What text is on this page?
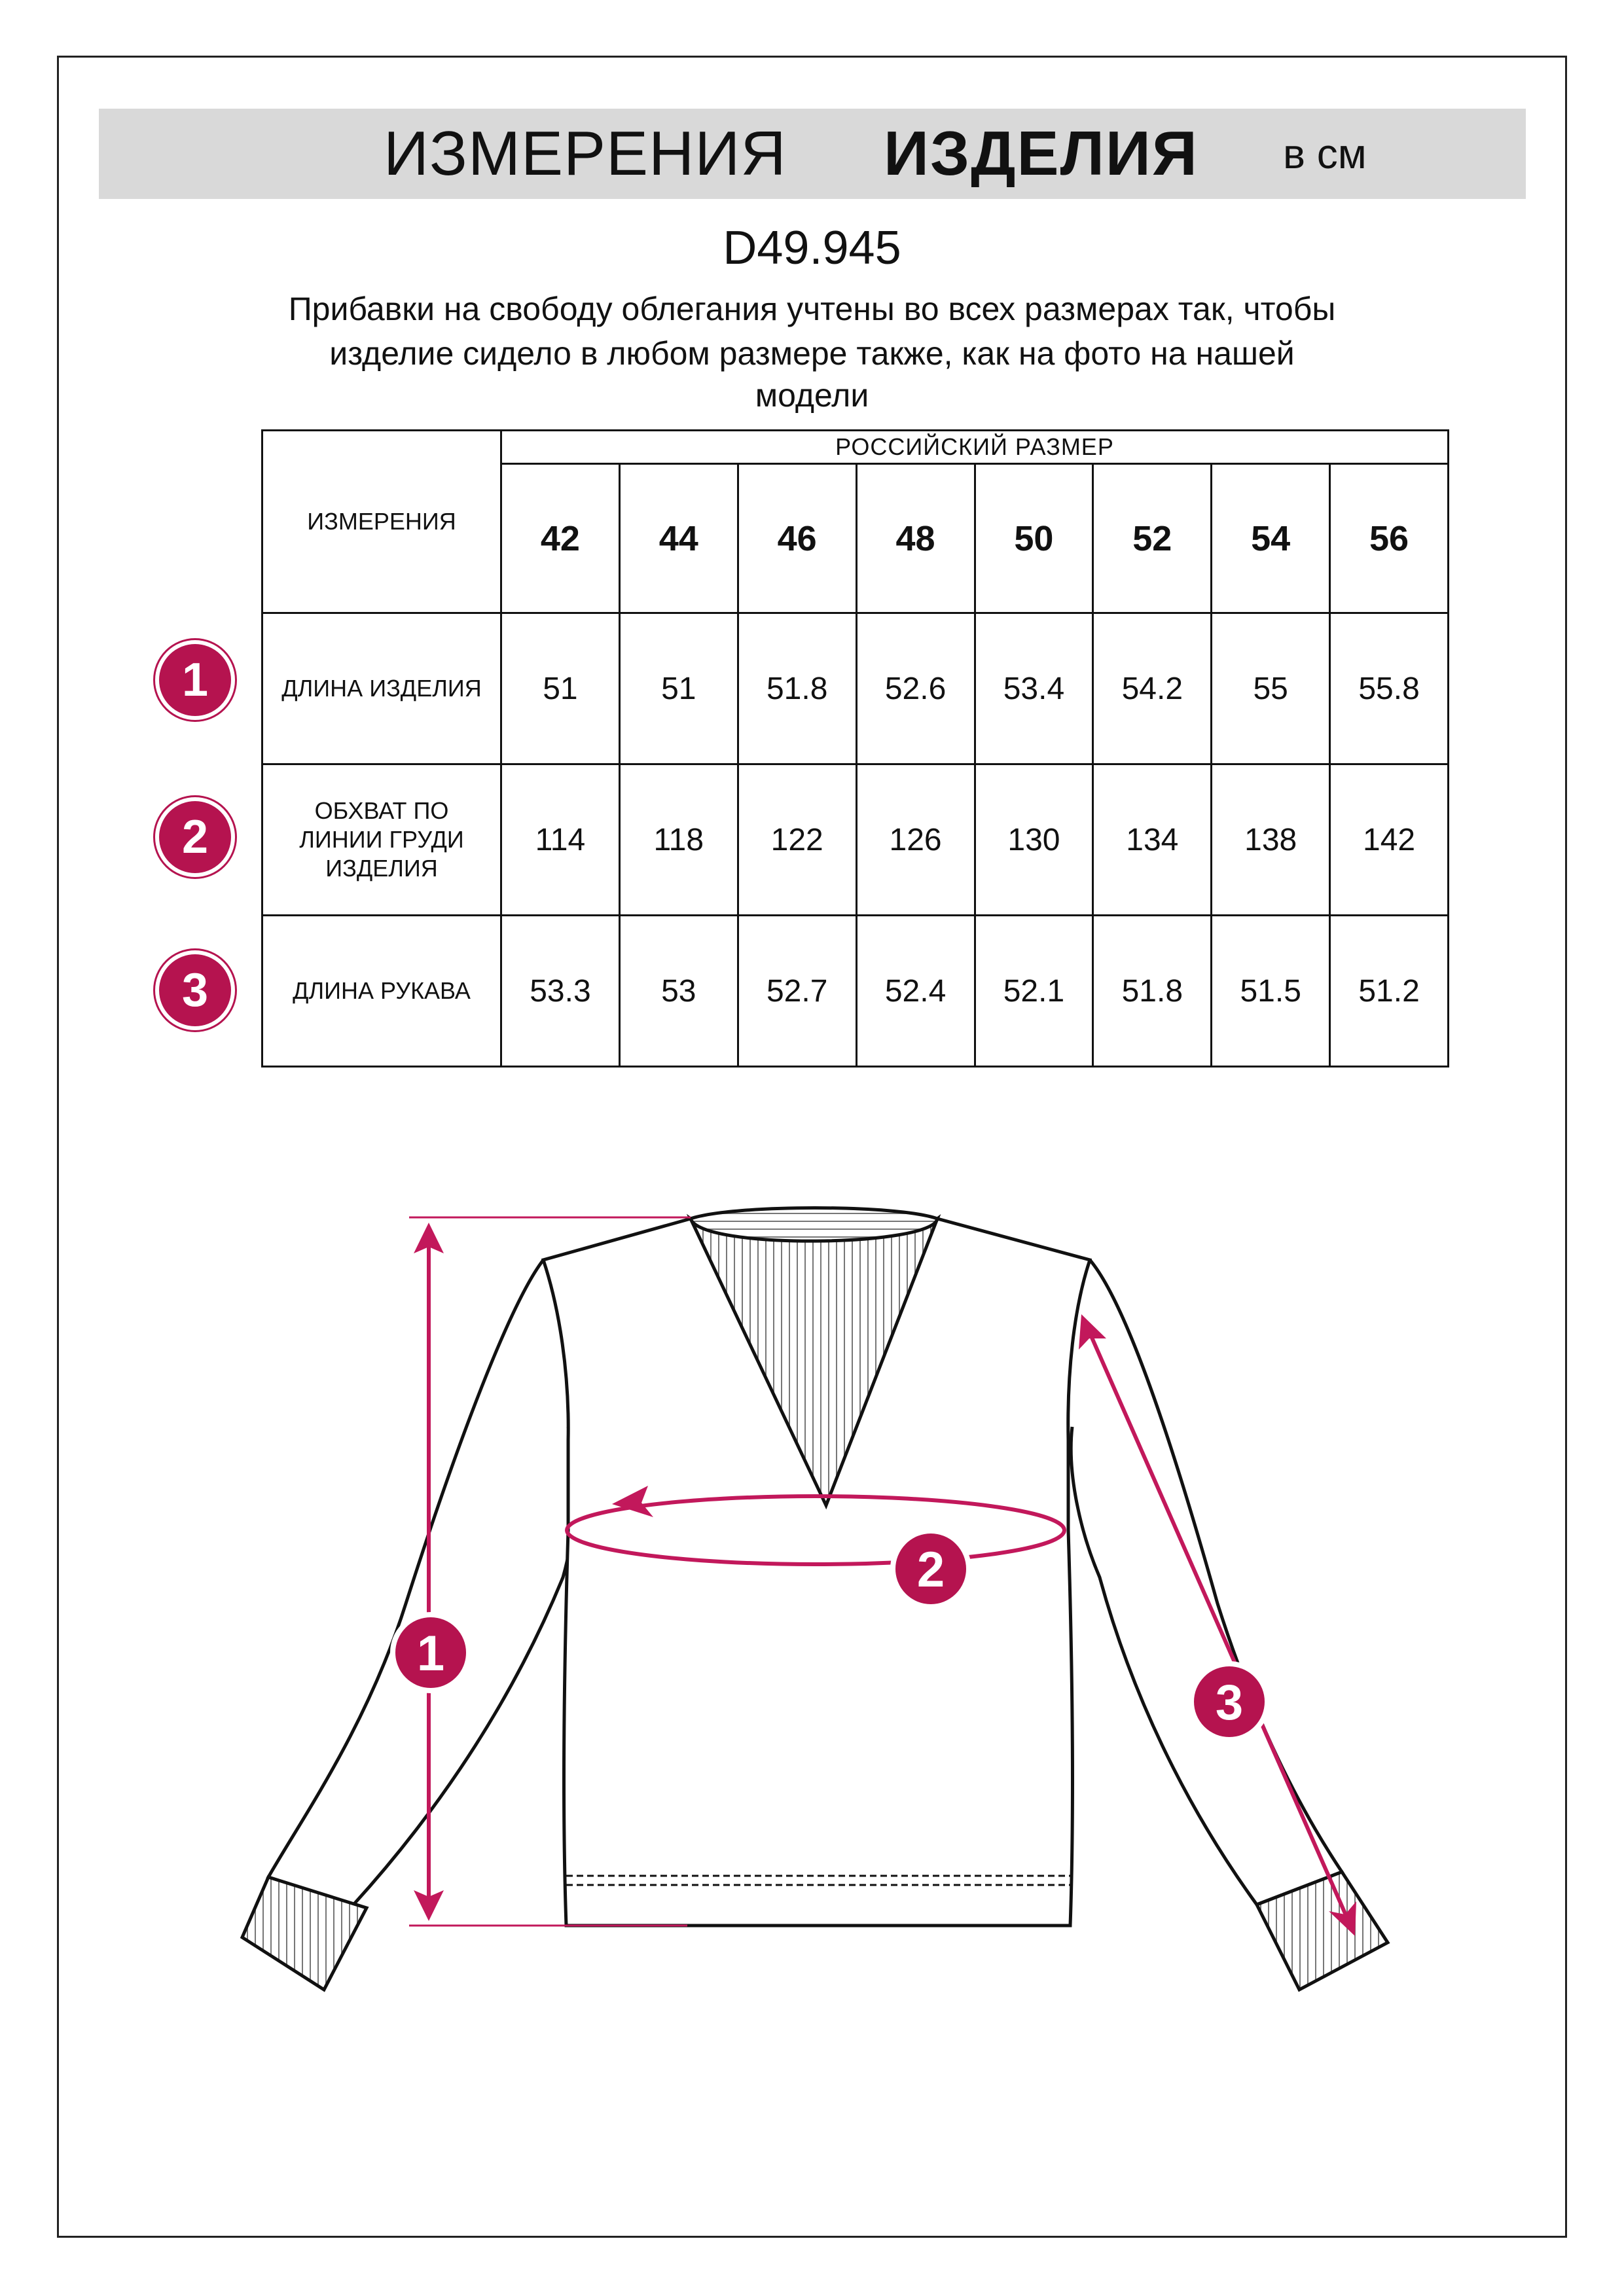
ИЗМЕРЕНИЯ ИЗДЕЛИЯ в см
D49.945
Прибавки на свободу облегания учтены во всех размерах так, чтобы
изделие сидело в любом размере также, как на фото на нашей
модели
ИЗМЕРЕНИЯ	РОССИЙСКИЙ РАЗМЕР							
	42	44	46	48	50	52	54	56
ДЛИНА ИЗДЕЛИЯ	51	51	51.8	52.6	53.4	54.2	55	55.8

ОБХВАТ ПО
ЛИНИИ ГРУДИ
ИЗДЕЛИЯ	114	118	122	126	130	134	138	142
ДЛИНА РУКАВА	53.3	53	52.7	52.4	52.1	51.8	51.5	51.2
1
2
3
1
2
3
